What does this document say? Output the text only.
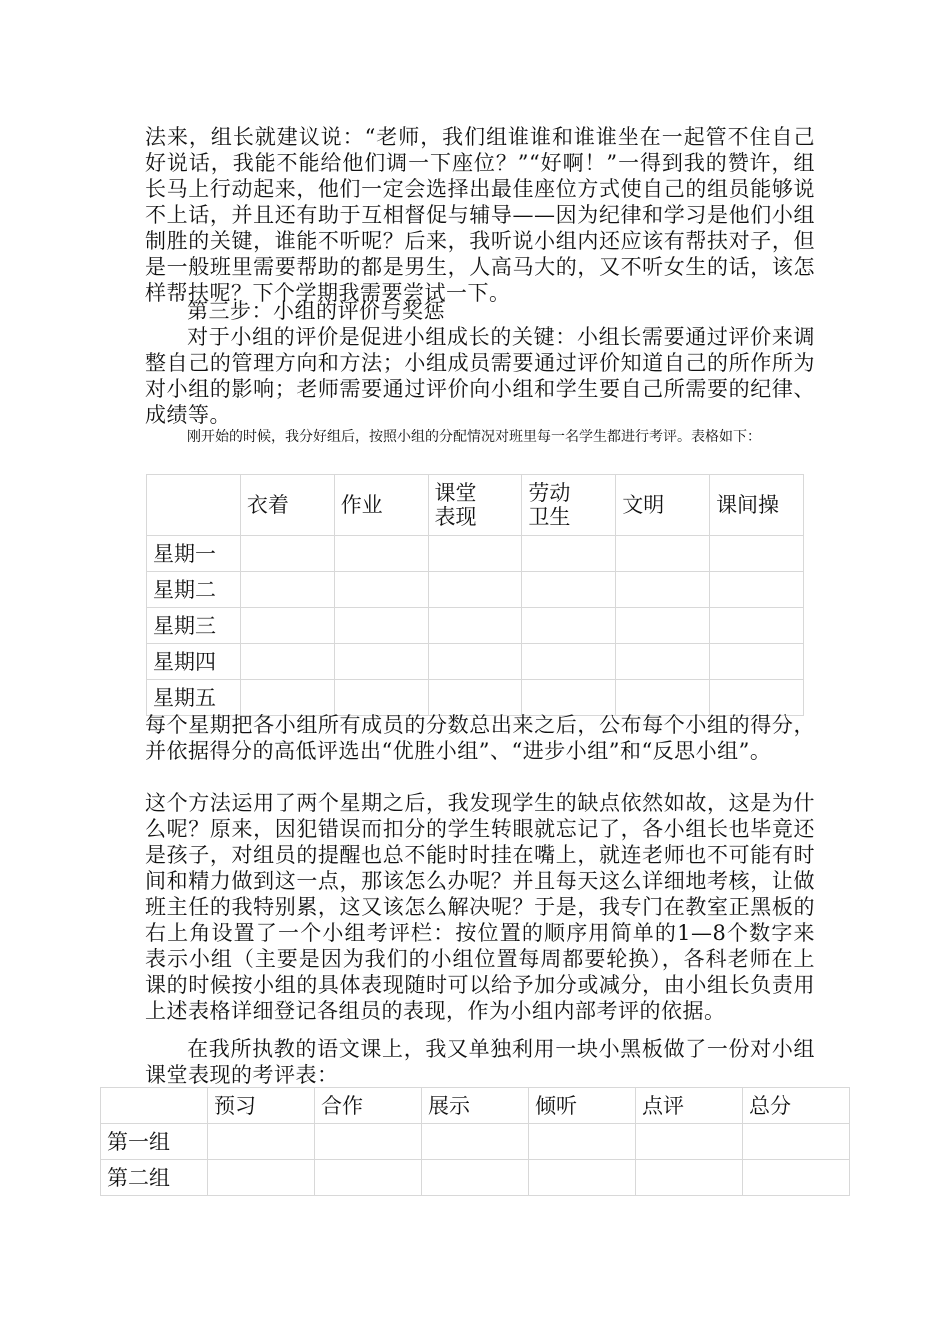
法来，组长就建议说：“老师，我们组谁谁和谁谁坐在一起管不住自己好说话，我能不能给他们调一下座位？”“好啊！”一得到我的赞许，组长马上行动起来，他们一定会选择出最佳座位方式使自己的组员能够说不上话，并且还有助于互相督促与辅导——因为纪律和学习是他们小组制胜的关键，谁能不听呢？后来，我听说小组内还应该有帮扶对子，但是一般班里需要帮助的都是男生，人高马大的，又不听女生的话，该怎样帮扶呢？下个学期我需要尝试一下。

第三步：小组的评价与奖惩

对于小组的评价是促进小组成长的关键：小组长需要通过评价来调整自己的管理方向和方法；小组成员需要通过评价知道自己的所作所为对小组的影响；老师需要通过评价向小组和学生要自己所需要的纪律、成绩等。

刚开始的时候，我分好组后，按照小组的分配情况对班里每一名学生都进行考评。表格如下：

	衣着	作业	课堂表现	劳动卫生	文明	课间操
星期一						
星期二						
星期三						
星期四						
星期五						

每个星期把各小组所有成员的分数总出来之后，公布每个小组的得分，并依据得分的高低评选出“优胜小组”、“进步小组”和“反思小组”。

这个方法运用了两个星期之后，我发现学生的缺点依然如故，这是为什么呢？原来，因犯错误而扣分的学生转眼就忘记了，各小组长也毕竟还是孩子，对组员的提醒也总不能时时挂在嘴上，就连老师也不可能有时间和精力做到这一点，那该怎么办呢？并且每天这么详细地考核，让做班主任的我特别累，这又该怎么解决呢？于是，我专门在教室正黑板的右上角设置了一个小组考评栏：按位置的顺序用简单的1—8个数字来表示小组（主要是因为我们的小组位置每周都要轮换），各科老师在上课的时候按小组的具体表现随时可以给予加分或减分，由小组长负责用上述表格详细登记各组员的表现，作为小组内部考评的依据。

在我所执教的语文课上，我又单独利用一块小黑板做了一份对小组课堂表现的考评表：

	预习	合作	展示	倾听	点评	总分
第一组						
第二组						
